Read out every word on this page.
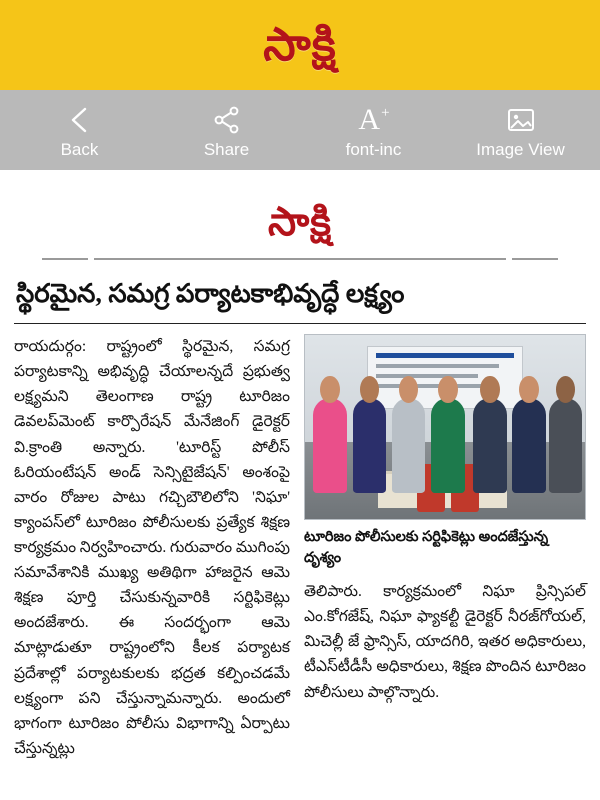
సాక్షి
Back	Share
A+
font-inc	Image View
సాక్షి
స్థిరమైన, సమగ్ర పర్యాటకాభివృద్ధే లక్ష్యం
రాయదుర్గం: రాష్ట్రంలో స్థిరమైన, సమగ్ర పర్యాటకాన్ని అభివృద్ధి చేయాలన్నదే ప్రభుత్వ లక్ష్యమని తెలంగాణ రాష్ట్ర టూరిజం డెవలప్‌మెంట్ కార్పొరేషన్ మేనేజింగ్ డైరెక్టర్ వి.క్రాంతి అన్నారు. 'టూరిస్ట్‌ పోలీస్‌ ఓరియంటేషన్‌ అండ్‌ సెన్సిటైజేషన్‌' అంశంపై వారం రోజుల పాటు గచ్చిబౌలిలోని 'నిఘా' క్యాంపస్‌లో టూరిజం పోలీసులకు ప్రత్యేక శిక్షణ కార్యక్రమం నిర్వహించారు. గురువారం ముగింపు సమావేశానికి ముఖ్య అతిథిగా హాజరైన ఆమె శిక్షణ పూర్తి చేసుకున్నవారికి సర్టిఫికెట్లు అందజేశారు. ఈ సందర్భంగా ఆమె మాట్లాడుతూ రాష్ట్రంలోని కీలక పర్యాటక ప్రదేశాల్లో పర్యాటకులకు భద్రత కల్పించడమే లక్ష్యంగా పని చేస్తున్నామన్నారు. అందులో భాగంగా టూరిజం పోలీసు విభాగాన్ని ఏర్పాటు చేస్తున్నట్లు
టూరిజం పోలీసులకు సర్టిఫికెట్లు అందజేస్తున్న దృశ్యం
తెలిపారు. కార్యక్రమంలో నిఘా ప్రిన్సిపల్‌ ఎం.కోగజేష్‌, నిఘా ఫ్యాకల్టీ డైరెక్టర్‌ నీరజ్‌గోయల్‌, మిచెల్లీ జే ఫ్రాన్సిస్‌, యాదగిరి, ఇతర అధికారులు, టీఎస్‌టీడీసీ అధికారులు, శిక్షణ పొందిన టూరిజం పోలీసులు పాల్గొన్నారు.
